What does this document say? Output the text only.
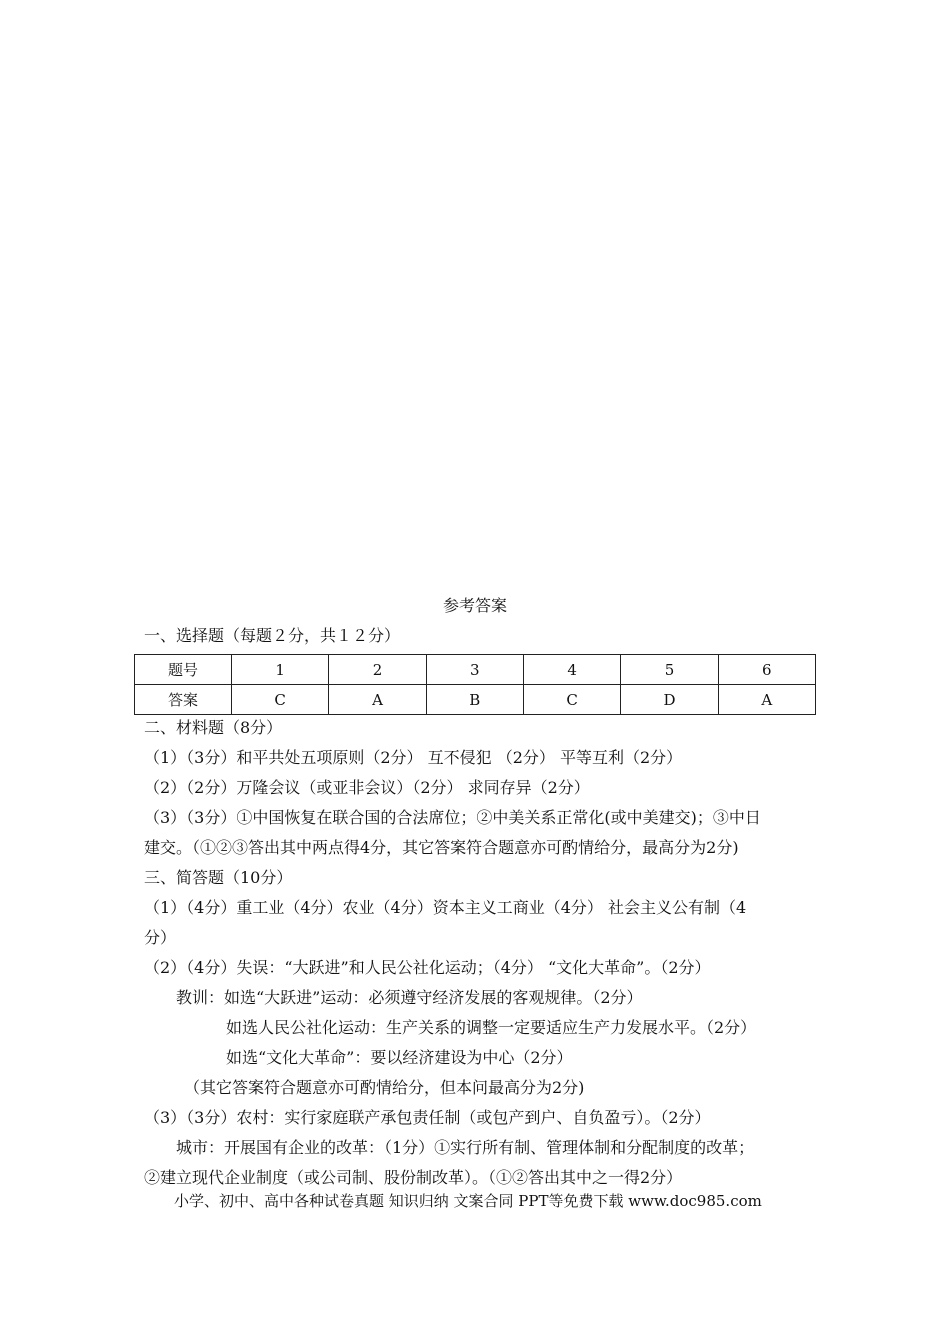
参考答案
一、选择题（每题２分，共１２分）
题号	1	2	3	4	5	6
答案	C	A	B	C	D	A
二、材料题（8分）
（1）（3分）和平共处五项原则（2分） 互不侵犯 （2分） 平等互利（2分）
（2）（2分）万隆会议（或亚非会议）（2分） 求同存异（2分）
（3）（3分）①中国恢复在联合国的合法席位；②中美关系正常化(或中美建交)；③中日
建交。（①②③答出其中两点得4分，其它答案符合题意亦可酌情给分，最高分为2分)
三、简答题（10分）
（1）（4分）重工业（4分）农业（4分）资本主义工商业（4分） 社会主义公有制（4
分）
（2）（4分）失误：“大跃进”和人民公社化运动；（4分） “文化大革命”。（2分）
教训：如选“大跃进”运动：必须遵守经济发展的客观规律。（2分）
如选人民公社化运动：生产关系的调整一定要适应生产力发展水平。（2分）
如选“文化大革命”：要以经济建设为中心（2分）
（其它答案符合题意亦可酌情给分，但本问最高分为2分)
（3）（3分）农村：实行家庭联产承包责任制（或包产到户、自负盈亏）。（2分）
城市：开展国有企业的改革：（1分）①实行所有制、管理体制和分配制度的改革；
②建立现代企业制度（或公司制、股份制改革）。（①②答出其中之一得2分）
小学、初中、高中各种试卷真题 知识归纳 文案合同 PPT等免费下载 www.doc985.com
